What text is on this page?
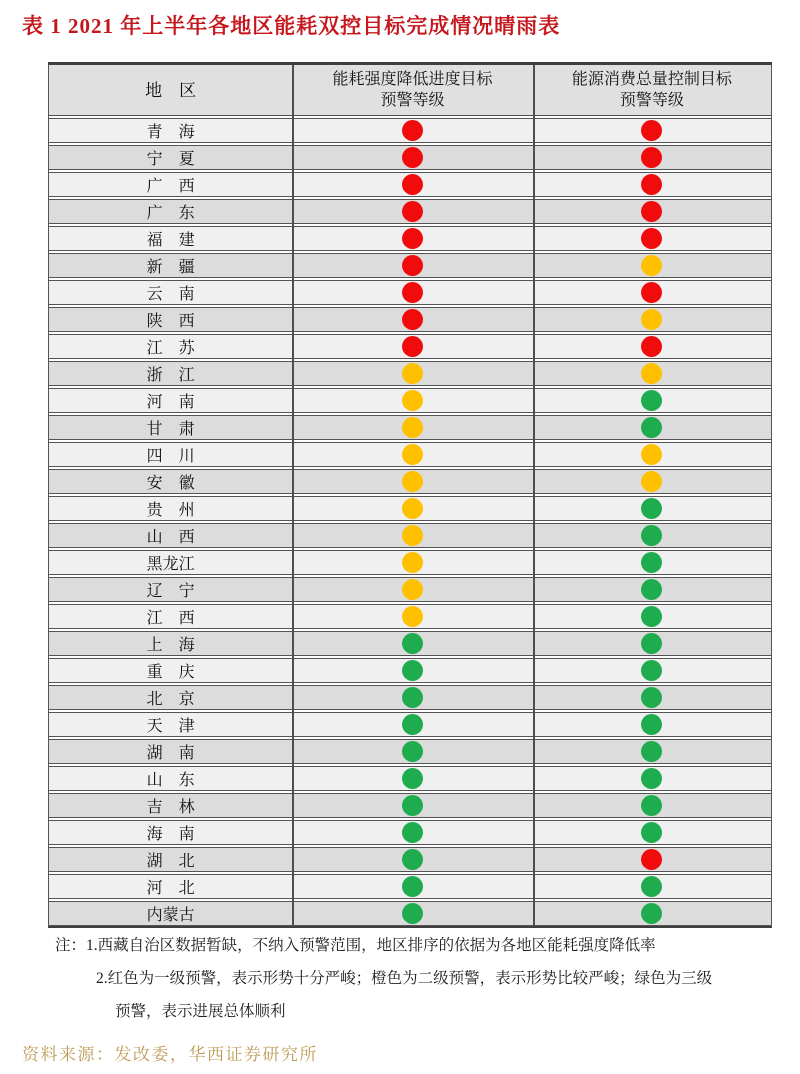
表 1 2021 年上半年各地区能耗双控目标完成情况晴雨表
地　区
能耗强度降低进度目标
预警等级
能源消费总量控制目标
预警等级
青　海
宁　夏
广　西
广　东
福　建
新　疆
云　南
陕　西
江　苏
浙　江
河　南
甘　肃
四　川
安　徽
贵　州
山　西
黑龙江
辽　宁
江　西
上　海
重　庆
北　京
天　津
湖　南
山　东
吉　林
海　南
湖　北
河　北
内蒙古
注：1.西藏自治区数据暂缺，不纳入预警范围，地区排序的依据为各地区能耗强度降低率
2.红色为一级预警，表示形势十分严峻；橙色为二级预警，表示形势比较严峻；绿色为三级
预警，表示进展总体顺利
资料来源：发改委，华西证券研究所
